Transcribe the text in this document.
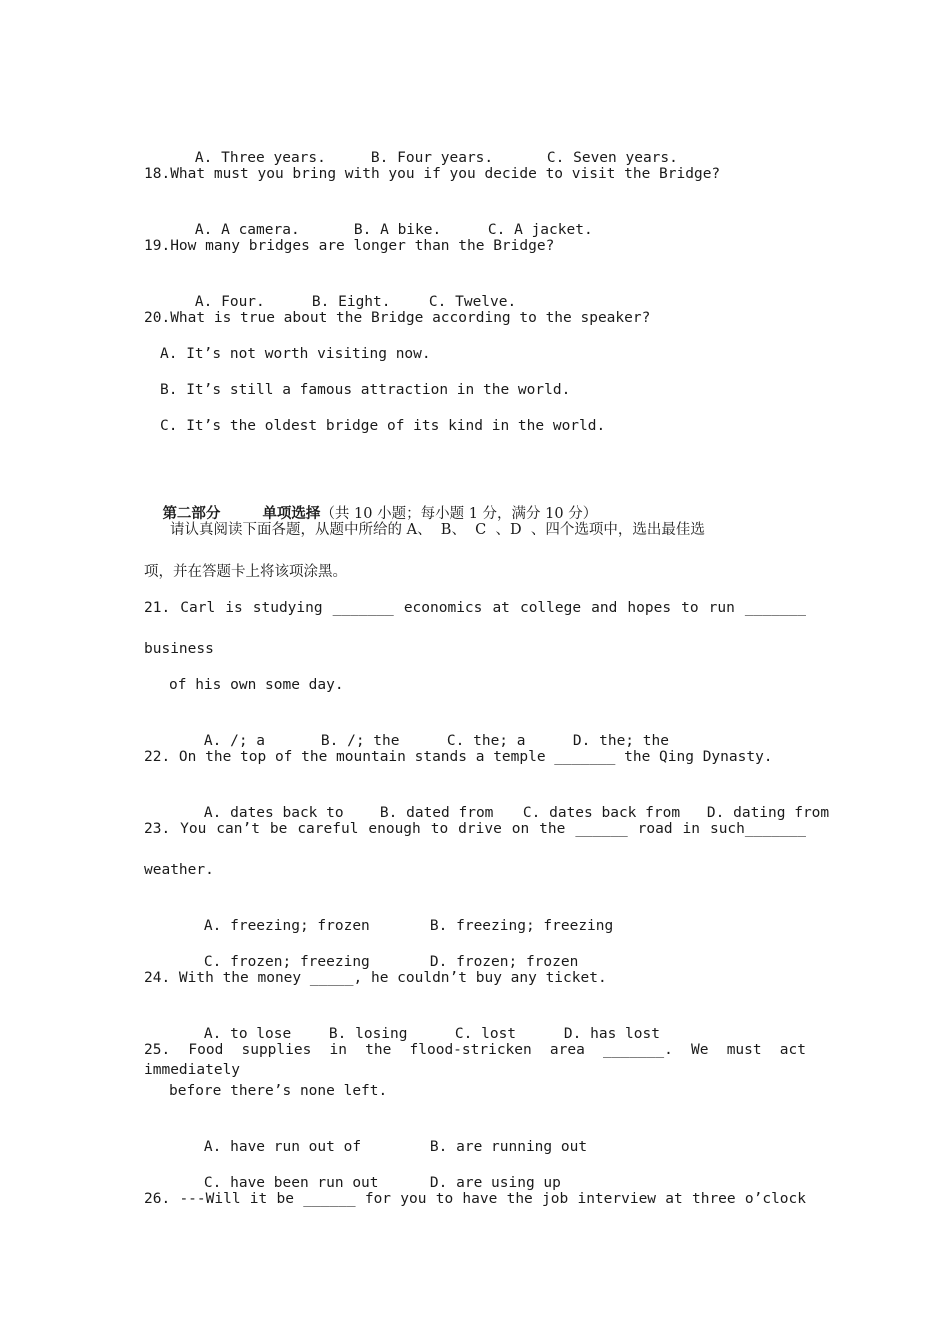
A. Three years.	B. Four years.	C. Seven years.

18.What must you bring with you if you decide to visit the Bridge?

A. A camera.	B. A bike.	C. A jacket.

19.How many bridges are longer than the Bridge?

A. Four.	B. Eight.	C. Twelve.

20.What is true about the Bridge according to the speaker?
A. It’s not worth visiting now.
B. It’s still a famous attraction in the world.
C. It’s the oldest bridge of its kind in the world.

第二部分	单项选择（共 10 小题；每小题 1 分，满分 10 分）

请认真阅读下面各题，从题中所给的 A、  B、  C  、D  、四个选项中，选出最佳选
项，并在答题卡上将该项涂黑。
21. Carl is studying _______ economics at college and hopes to run _______
business
of his own some day.

A. /; a	B. /; the	C. the; a	D. the; the

22. On the top of the mountain stands a temple _______ the Qing Dynasty.

A. dates back to	B. dated from C. dates back from D. dating from

23. You can’t be careful enough to drive on the ______ road in such_______
weather.

A. freezing; frozen	B. freezing; freezing

C. frozen; freezing	D. frozen; frozen

24. With the money _____, he couldn’t buy any ticket.

A. to lose	B. losing	C. lost	D. has lost

25. Food supplies in the flood-stricken area _______. We must act immediately
before there’s none left.

A. have run out of	B. are running out

C. have been run out	D. are using up

26. ---Will it be ______ for you to have the job interview at three o’clock
